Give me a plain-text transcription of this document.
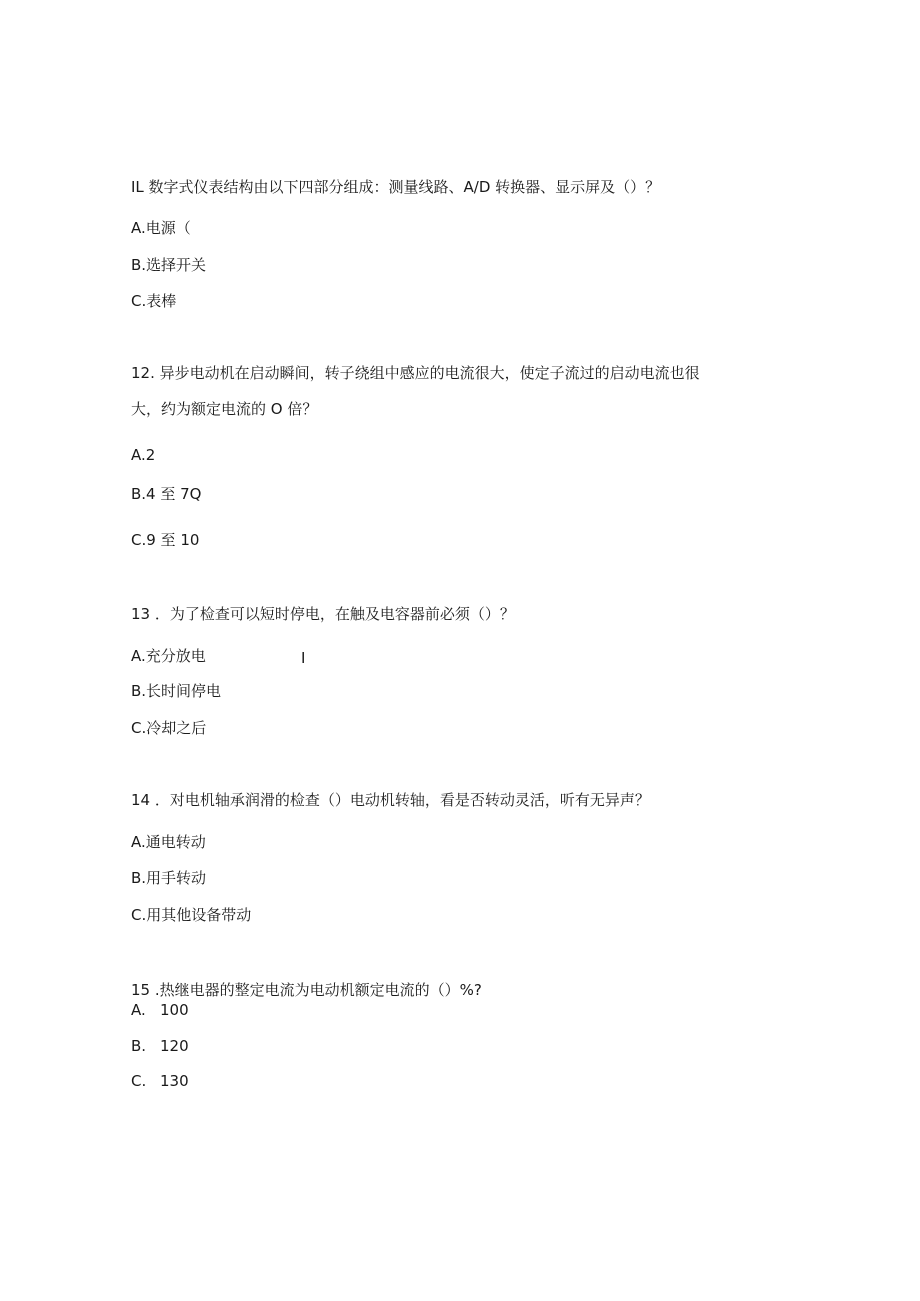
IL 数字式仪表结构由以下四部分组成：测量线路、A/D 转换器、显示屏及（）？
A.电源（
B.选择开关
C.表棒
12. 异步电动机在启动瞬间，转子绕组中感应的电流很大，使定子流过的启动电流也很
大，约为额定电流的 O 倍？
A.2
B.4 至 7Q
C.9 至 10
13 ．为了检查可以短时停电，在触及电容器前必须（）？
A.充分放电	I
B.长时间停电
C.冷却之后
14 ．对电机轴承润滑的检查（）电动机转轴，看是否转动灵活，听有无异声？
A.通电转动
B.用手转动
C.用其他设备带动
15 .热继电器的整定电流为电动机额定电流的（）%?
A. 100
B. 120
C. 130
